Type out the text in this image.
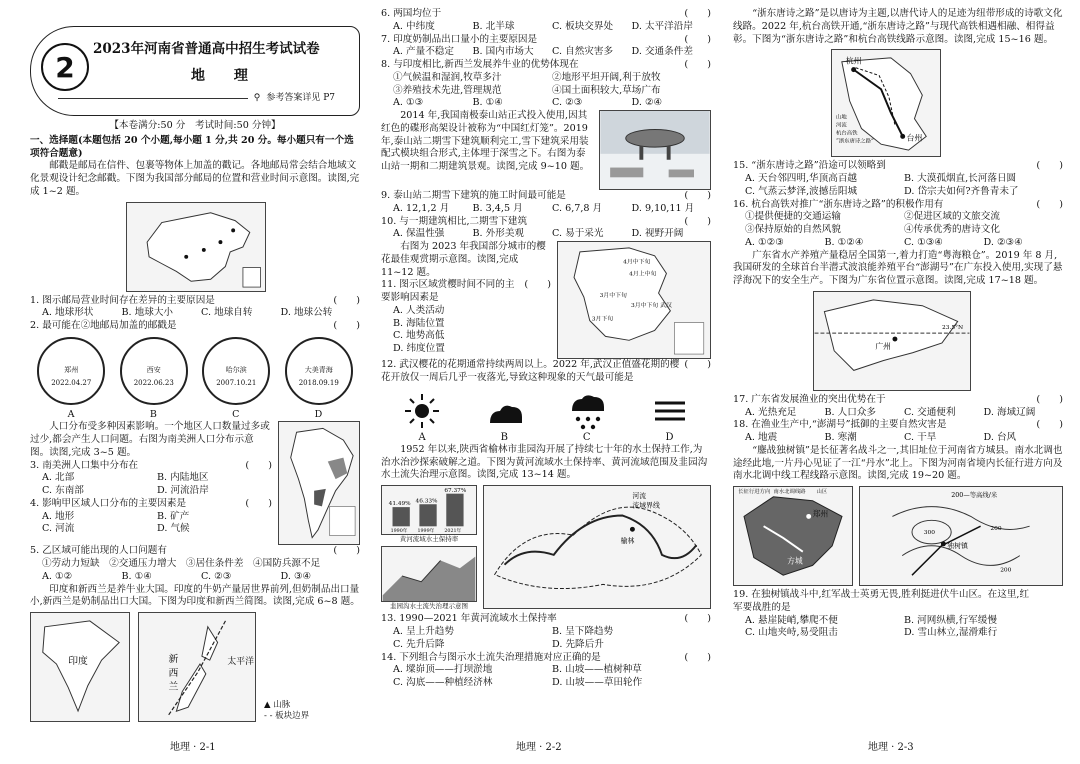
2
2023年河南省普通高中招生考试试卷
地 理
⚲ 参考答案详见 P7
【本卷满分:50 分　考试时间:50 分钟】
一、选择题(本题包括 20 个小题,每小题 1 分,共 20 分。每小题只有一个选项符合题意)

邮戳是邮局在信件、包裹等物体上加盖的戳记。各地邮局常会结合地域文化景观设计纪念邮戳。下图为我国部分邮局的位置和营业时间示意图。读图,完成 1~2 题。

1. 图示邮局营业时间存在差异的主要原因是	(　　)
A. 地球形状	B. 地球大小	C. 地球自转	D. 地球公转
2. 最可能在②地邮局加盖的邮戳是	(　　)
郑州
2022.04.27
西安
2022.06.23
哈尔滨
2007.10.21
大美青海
2018.09.19
A	B	C	D

人口分布受多种因素影响。一个地区人口数量过多或过少,都会产生人口问题。右图为南美洲人口分布示意图。读图,完成 3~5 题。

3. 南美洲人口集中分布在	(　　)
A. 北部	B. 内陆地区
C. 东南部	D. 河流沿岸
4. 影响甲区域人口分布的主要因素是	(　　)
A. 地形	B. 矿产
C. 河流	D. 气候
5. 乙区域可能出现的人口问题有	(　　)
①劳动力短缺　②交通压力增大　③居住条件差　④国防兵源不足
A. ①②	B. ①④	C. ②③	D. ③④

印度和新西兰是养牛业大国。印度的牛奶产量居世界前列,但奶制品出口量小,新西兰是奶制品出口大国。下图为印度和新西兰简图。读图,完成 6~8 题。

印度	新
西
兰
太平洋
▲ 山脉
- - 板块边界
6. 两国均位于	(　　)
A. 中纬度	B. 北半球	C. 板块交界处	D. 太平洋沿岸
7. 印度奶制品出口量小的主要原因是	(　　)
A. 产量不稳定	B. 国内市场大	C. 自然灾害多	D. 交通条件差
8. 与印度相比,新西兰发展养牛业的优势体现在	(　　)
①气候温和湿润,牧草多汁	②地形平坦开阔,利于放牧
③养殖技术先进,管理规范	④国土面积较大,草场广布
A. ①③	B. ①④	C. ②③	D. ②④

2014 年,我国南极泰山站正式投入使用,因其红色的碟形高架设计被称为“中国红灯笼”。2019 年,泰山站二期雪下建筑顺利完工,雪下建筑采用装配式模块组合形式,主体埋于深雪之下。右图为泰山站一期和二期建筑景观。读图,完成 9~10 题。

9. 泰山站二期雪下建筑的施工时间最可能是	(　　)
A. 12,1,2 月	B. 3,4,5 月	C. 6,7,8 月	D. 9,10,11 月
10. 与一期建筑相比,二期雪下建筑	(　　)
A. 保温性强	B. 外形美观	C. 易于采光	D. 视野开阔

右图为 2023 年我国部分城市的樱花最佳观赏期示意图。读图,完成 11~12 题。

11. 图示区域赏樱时间不同的主要影响因素是
(　　)
A. 人类活动
B. 海陆位置
C. 地势高低
D. 纬度位置
4月中下旬
4月上中旬
3月中下旬
3月下旬
3月中下旬 武汉
12. 武汉樱花的花期通常持续两周以上。2022 年,武汉正值盛花期的樱花开放仅一周后几乎一夜落光,导致这种现象的天气最可能是
(　　)
A	B	C	D

1952 年以来,陕西省榆林市韭园沟开展了持续七十年的水土保持工作,为治水治沙探索破解之道。下图为黄河流域水土保持率、黄河流域范围及韭园沟水土流失治理示意图。读图,完成 13~14 题。

41.49% 46.33%
67.37%
1990年 1999年 2021年
黄河流域水土保持率
韭园沟水土流失治理示意图
榆林
河流
流域界线
13. 1990—2021 年黄河流域水土保持率	(　　)
A. 呈上升趋势	B. 呈下降趋势
C. 先升后降	D. 先降后升
14. 下列组合与图示水土流失治理措施对应正确的是	(　　)
A. 墚峁顶——打坝淤地	B. 山坡——植树种草
C. 沟底——种植经济林	D. 山坡——草田轮作

“浙东唐诗之路”是以唐诗为主题,以唐代诗人的足迹为纽带形成的诗歌文化线路。2022 年,杭台高铁开通,“浙东唐诗之路”与现代高铁相遇相融、相得益彰。下图为“浙东唐诗之路”和杭台高铁线路示意图。读图,完成 15~16 题。

杭州
台州
山地
河流
杭台高铁
“浙东唐诗之路”
15. “浙东唐诗之路”沿途可以领略到	(　　)
A. 天台邻四明,华顶高百越	B. 大漠孤烟直,长河落日圆
C. 气蒸云梦泽,波撼岳阳城	D. 岱宗夫如何?齐鲁青未了
16. 杭台高铁对推广“浙东唐诗之路”的积极作用有	(　　)
①提供便捷的交通运输	②促进区域的文旅交流
③保持原始的自然风貌	④传承优秀的唐诗文化
A. ①②③	B. ①②④	C. ①③④	D. ②③④

广东省水产养殖产量稳居全国第一,着力打造“粤海粮仓”。2019 年 8 月,我国研发的全球首台半潜式波浪能养殖平台“澎湖号”在广东投入使用,实现了悬浮海况下的安全生产。下图为广东省位置示意图。读图,完成 17~18 题。

广州
23.5°N
17. 广东省发展渔业的突出优势在于	(　　)
A. 光热充足	B. 人口众多	C. 交通便利	D. 海域辽阔
18. 在渔业生产中,“澎湖号”抵御的主要自然灾害是	(　　)
A. 地震	B. 寒潮	C. 干旱	D. 台风

“鏖战独树镇”是长征著名战斗之一,其旧址位于河南省方城县。南水北调也途经此地,一片丹心见证了一江“丹水”北上。下图为河南省境内长征行进方向及南水北调中线工程线路示意图。读图,完成 19~20 题。

郑州
方城
长征行进方向 南水北调线路 山区
独树镇
200—等高线/米
300
200
200
19. 在独树镇战斗中,红军战士英勇无畏,胜利挺进伏牛山区。在这里,红军要战胜的是
A. 悬崖陡峭,攀爬不便	B. 河网纵横,行军缓慢
C. 山地夹峙,易受阻击	D. 雪山林立,湿滑难行
地理 · 2-1	地理 · 2-2	地理 · 2-3
